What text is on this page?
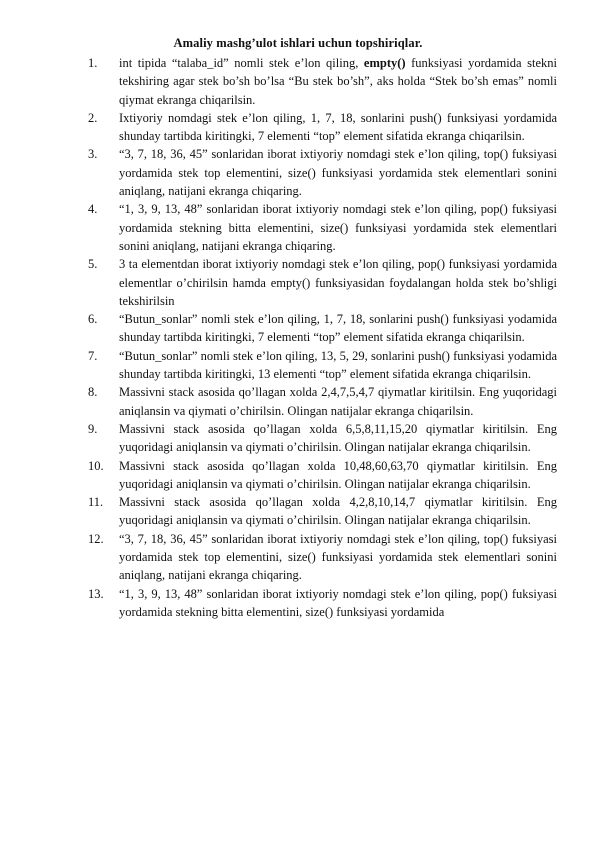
Amaliy mashg’ulot ishlari uchun topshiriqlar.
1. int tipida “talaba_id” nomli stek e’lon qiling, empty() funksiyasi yordamida stekni tekshiring agar stek bo’sh bo’lsa “Bu stek bo’sh”, aks holda “Stek bo’sh emas” nomli qiymat ekranga chiqarilsin.
2. Ixtiyoriy nomdagi stek e’lon qiling, 1, 7, 18, sonlarini push() funksiyasi yordamida shunday tartibda kiritingki, 7 elementi “top” element sifatida ekranga chiqarilsin.
3. “3, 7, 18, 36, 45” sonlaridan iborat ixtiyoriy nomdagi stek e’lon qiling, top() fuksiyasi yordamida stek top elementini, size() funksiyasi yordamida stek elementlari sonini aniqlang, natijani ekranga chiqaring.
4. “1, 3, 9, 13, 48” sonlaridan iborat ixtiyoriy nomdagi stek e’lon qiling, pop() fuksiyasi yordamida stekning bitta elementini, size() funksiyasi yordamida stek elementlari sonini aniqlang, natijani ekranga chiqaring.
5. 3 ta elementdan iborat ixtiyoriy nomdagi stek e’lon qiling, pop() funksiyasi yordamida elementlar o’chirilsin hamda empty() funksiyasidan foydalangan holda stek bo’shligi tekshirilsin
6. “Butun_sonlar” nomli stek e’lon qiling, 1, 7, 18, sonlarini push() funksiyasi yodamida shunday tartibda kiritingki, 7 elementi “top” element sifatida ekranga chiqarilsin.
7. “Butun_sonlar” nomli stek e’lon qiling, 13, 5, 29, sonlarini push() funksiyasi yodamida shunday tartibda kiritingki, 13 elementi “top” element sifatida ekranga chiqarilsin.
8. Massivni stack asosida qo’llagan xolda 2,4,7,5,4,7 qiymatlar kiritilsin. Eng yuqoridagi aniqlansin va qiymati o’chirilsin. Olingan natijalar ekranga chiqarilsin.
9. Massivni stack asosida qo’llagan xolda 6,5,8,11,15,20 qiymatlar kiritilsin. Eng yuqoridagi aniqlansin va qiymati o’chirilsin. Olingan natijalar ekranga chiqarilsin.
10. Massivni stack asosida qo’llagan xolda 10,48,60,63,70 qiymatlar kiritilsin. Eng yuqoridagi aniqlansin va qiymati o’chirilsin. Olingan natijalar ekranga chiqarilsin.
11. Massivni stack asosida qo’llagan xolda 4,2,8,10,14,7 qiymatlar kiritilsin. Eng yuqoridagi aniqlansin va qiymati o’chirilsin. Olingan natijalar ekranga chiqarilsin.
12. “3, 7, 18, 36, 45” sonlaridan iborat ixtiyoriy nomdagi stek e’lon qiling, top() fuksiyasi yordamida stek top elementini, size() funksiyasi yordamida stek elementlari sonini aniqlang, natijani ekranga chiqaring.
13. “1, 3, 9, 13, 48” sonlaridan iborat ixtiyoriy nomdagi stek e’lon qiling, pop() fuksiyasi yordamida stekning bitta elementini, size() funksiyasi yordamida
